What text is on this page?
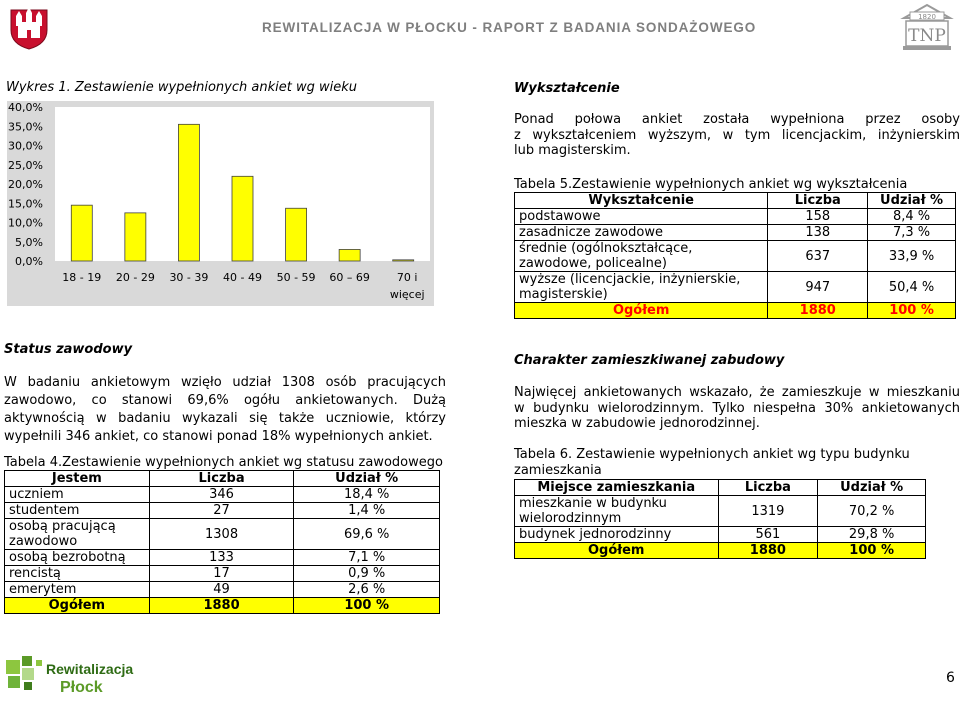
REWITALIZACJA W PŁOCKU - RAPORT Z BADANIA SONDAŻOWEGO
1820
TNP
Wykres 1. Zestawienie wypełnionych ankiet wg wieku
0,0%
5,0%
10,0%
15,0%
20,0%
25,0%
30,0%
35,0%
40,0%
18 - 19 20 - 29 30 - 39 40 - 49 50 - 59 60 – 69 70 i
więcej
Wykształcenie
Ponad połowa ankiet została wypełniona przez osoby
z wykształceniem wyższym, w tym licencjackim, inżynierskim
lub magisterskim.
Tabela 5.Zestawienie wypełnionych ankiet wg wykształcenia
Wykształcenie	Liczba	Udział %
podstawowe	158	8,4 %
zasadnicze zawodowe	138	7,3 %
średnie (ogólnokształcące, zawodowe, policealne)	637	33,9 %
wyższe (licencjackie, inżynierskie, magisterskie)	947	50,4 %
Ogółem	1880	100 %
Status zawodowy
W badaniu ankietowym wzięło udział 1308 osób pracujących
zawodowo, co stanowi 69,6% ogółu ankietowanych. Dużą
aktywnością w badaniu wykazali się także uczniowie, którzy
wypełnili 346 ankiet, co stanowi ponad 18% wypełnionych ankiet.
Tabela 4.Zestawienie wypełnionych ankiet wg statusu zawodowego
Jestem	Liczba	Udział %
uczniem	346	18,4 %
studentem	27	1,4 %
osobą pracującą zawodowo	1308	69,6 %
osobą bezrobotną	133	7,1 %
rencistą	17	0,9 %
emerytem	49	2,6 %
Ogółem	1880	100 %
Charakter zamieszkiwanej zabudowy
Najwięcej ankietowanych wskazało, że zamieszkuje w mieszkaniu
w budynku wielorodzinnym. Tylko niespełna 30% ankietowanych
mieszka w zabudowie jednorodzinnej.
Tabela 6. Zestawienie wypełnionych ankiet wg typu budynku
zamieszkania
Miejsce zamieszkania	Liczba	Udział %
mieszkanie w budynku wielorodzinnym	1319	70,2 %
budynek jednorodzinny	561	29,8 %
Ogółem	1880	100 %
Rewitalizacja
Płock
6
